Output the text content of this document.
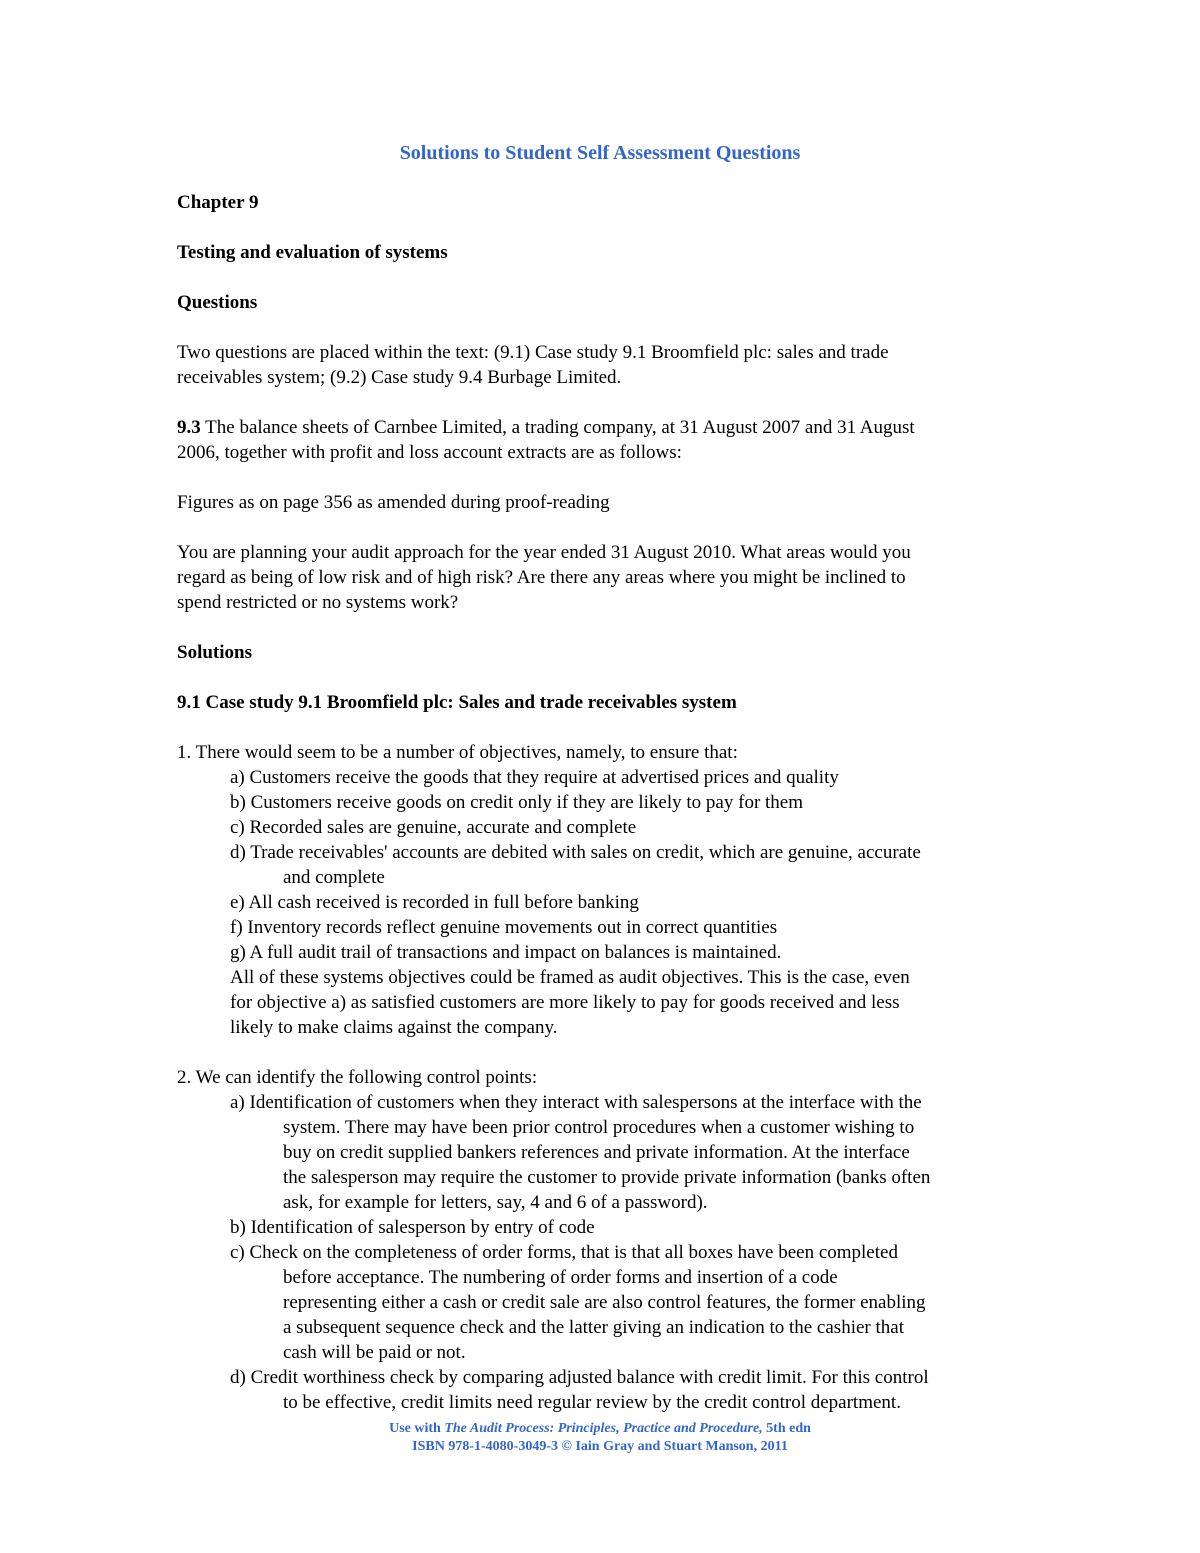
Solutions to Student Self Assessment Questions

Chapter 9

Testing and evaluation of systems

Questions

Two questions are placed within the text: (9.1) Case study 9.1 Broomfield plc: sales and trade

receivables system; (9.2) Case study 9.4 Burbage Limited.

9.3 The balance sheets of Carnbee Limited, a trading company, at 31 August 2007 and 31 August

2006, together with profit and loss account extracts are as follows:

Figures as on page 356 as amended during proof-reading

You are planning your audit approach for the year ended 31 August 2010. What areas would you

regard as being of low risk and of high risk? Are there any areas where you might be inclined to

spend restricted or no systems work?

Solutions

9.1 Case study 9.1 Broomfield plc: Sales and trade receivables system

1. There would seem to be a number of objectives, namely, to ensure that:

a) Customers receive the goods that they require at advertised prices and quality

b) Customers receive goods on credit only if they are likely to pay for them

c) Recorded sales are genuine, accurate and complete

d) Trade receivables' accounts are debited with sales on credit, which are genuine, accurate

and complete

e) All cash received is recorded in full before banking

f) Inventory records reflect genuine movements out in correct quantities

g) A full audit trail of transactions and impact on balances is maintained.

All of these systems objectives could be framed as audit objectives. This is the case, even

for objective a) as satisfied customers are more likely to pay for goods received and less

likely to make claims against the company.

2. We can identify the following control points:

a) Identification of customers when they interact with salespersons at the interface with the

system. There may have been prior control procedures when a customer wishing to

buy on credit supplied bankers references and private information. At the interface

the salesperson may require the customer to provide private information (banks often

ask, for example for letters, say, 4 and 6 of a password).

b) Identification of salesperson by entry of code

c) Check on the completeness of order forms, that is that all boxes have been completed

before acceptance. The numbering of order forms and insertion of a code

representing either a cash or credit sale are also control features, the former enabling

a subsequent sequence check and the latter giving an indication to the cashier that

cash will be paid or not.

d) Credit worthiness check by comparing adjusted balance with credit limit. For this control

to be effective, credit limits need regular review by the credit control department.

Use with The Audit Process: Principles, Practice and Procedure, 5th edn
ISBN 978-1-4080-3049-3 © Iain Gray and Stuart Manson, 2011
